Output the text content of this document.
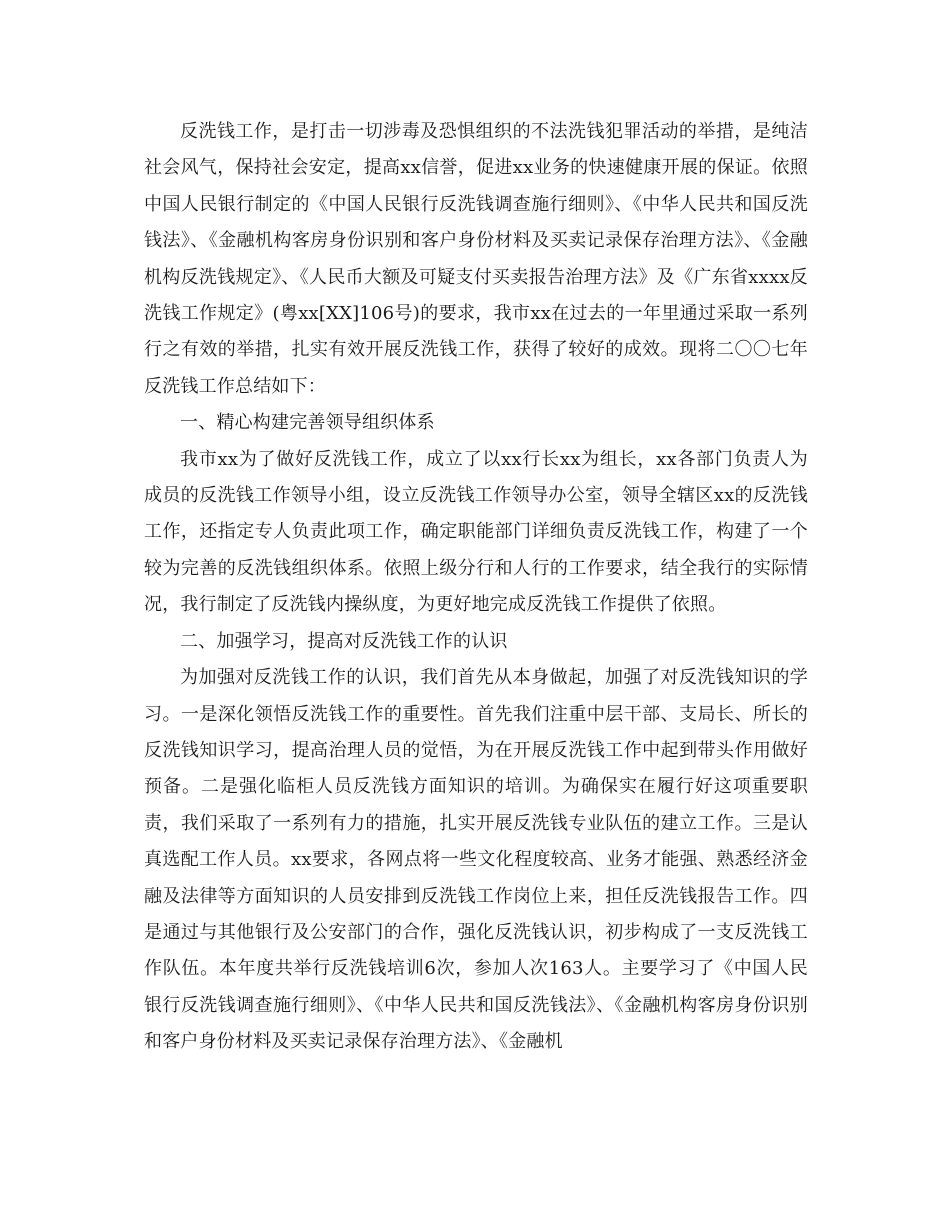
反洗钱工作，是打击一切涉毒及恐惧组织的不法洗钱犯罪活动的举措，是纯洁社会风气，保持社会安定，提高xx信誉，促进xx业务的快速健康开展的保证。依照中国人民银行制定的《中国人民银行反洗钱调查施行细则》、《中华人民共和国反洗钱法》、《金融机构客房身份识别和客户身份材料及买卖记录保存治理方法》、《金融机构反洗钱规定》、《人民币大额及可疑支付买卖报告治理方法》及《广东省xxxx反洗钱工作规定》(粤xx[XX]106号)的要求，我市xx在过去的一年里通过采取一系列行之有效的举措，扎实有效开展反洗钱工作，获得了较好的成效。现将二〇〇七年反洗钱工作总结如下：

一、精心构建完善领导组织体系

我市xx为了做好反洗钱工作，成立了以xx行长xx为组长，xx各部门负责人为成员的反洗钱工作领导小组，设立反洗钱工作领导办公室，领导全辖区xx的反洗钱工作，还指定专人负责此项工作，确定职能部门详细负责反洗钱工作，构建了一个较为完善的反洗钱组织体系。依照上级分行和人行的工作要求，结全我行的实际情况，我行制定了反洗钱内操纵度，为更好地完成反洗钱工作提供了依照。

二、加强学习，提高对反洗钱工作的认识

为加强对反洗钱工作的认识，我们首先从本身做起，加强了对反洗钱知识的学习。一是深化领悟反洗钱工作的重要性。首先我们注重中层干部、支局长、所长的反洗钱知识学习，提高治理人员的觉悟，为在开展反洗钱工作中起到带头作用做好预备。二是强化临柜人员反洗钱方面知识的培训。为确保实在履行好这项重要职责，我们采取了一系列有力的措施，扎实开展反洗钱专业队伍的建立工作。三是认真选配工作人员。xx要求，各网点将一些文化程度较高、业务才能强、熟悉经济金融及法律等方面知识的人员安排到反洗钱工作岗位上来，担任反洗钱报告工作。四是通过与其他银行及公安部门的合作，强化反洗钱认识，初步构成了一支反洗钱工作队伍。本年度共举行反洗钱培训6次，参加人次163人。主要学习了《中国人民银行反洗钱调查施行细则》、《中华人民共和国反洗钱法》、《金融机构客房身份识别和客户身份材料及买卖记录保存治理方法》、《金融机
